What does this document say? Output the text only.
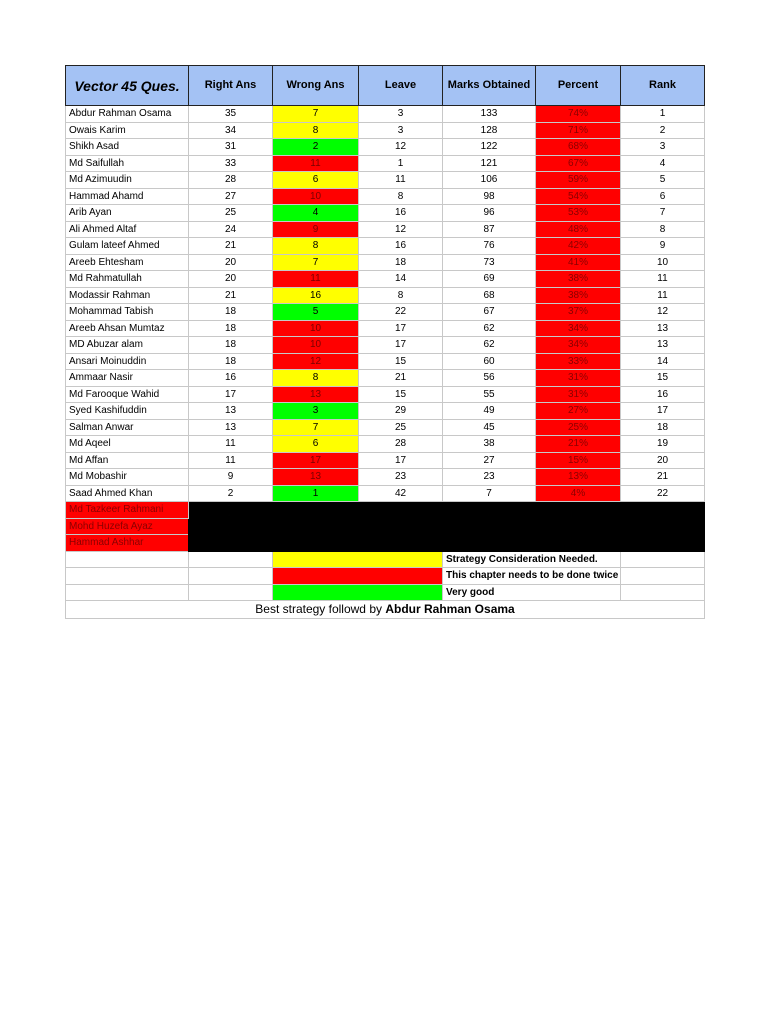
Vector 45 Ques.	Right Ans	Wrong Ans	Leave	Marks Obtained	Percent	Rank
Abdur Rahman Osama	35	7	3	133	74%	1
Owais Karim	34	8	3	128	71%	2
Shikh Asad	31	2	12	122	68%	3
Md Saifullah	33	11	1	121	67%	4
Md Azimuudin	28	6	11	106	59%	5
Hammad Ahamd	27	10	8	98	54%	6
Arib Ayan	25	4	16	96	53%	7
Ali Ahmed Altaf	24	9	12	87	48%	8
Gulam lateef Ahmed	21	8	16	76	42%	9
Areeb Ehtesham	20	7	18	73	41%	10
Md Rahmatullah	20	11	14	69	38%	11
Modassir Rahman	21	16	8	68	38%	11
Mohammad Tabish	18	5	22	67	37%	12
Areeb Ahsan Mumtaz	18	10	17	62	34%	13
MD Abuzar alam	18	10	17	62	34%	13
Ansari Moinuddin	18	12	15	60	33%	14
Ammaar Nasir	16	8	21	56	31%	15
Md Farooque Wahid	17	13	15	55	31%	16
Syed Kashifuddin	13	3	29	49	27%	17
Salman Anwar	13	7	25	45	25%	18
Md Aqeel	11	6	28	38	21%	19
Md Affan	11	17	17	27	15%	20
Md Mobashir	9	13	23	23	13%	21
Saad Ahmed Khan	2	1	42	7	4%	22
Md Tazkeer Rahmani						
Mohd Huzefa Ayaz						
Hammad Ashhar						
				Strategy Consideration Needed.		
				This chapter needs to be done twice		
				Very good		
Best strategy followd by Abdur Rahman Osama						
